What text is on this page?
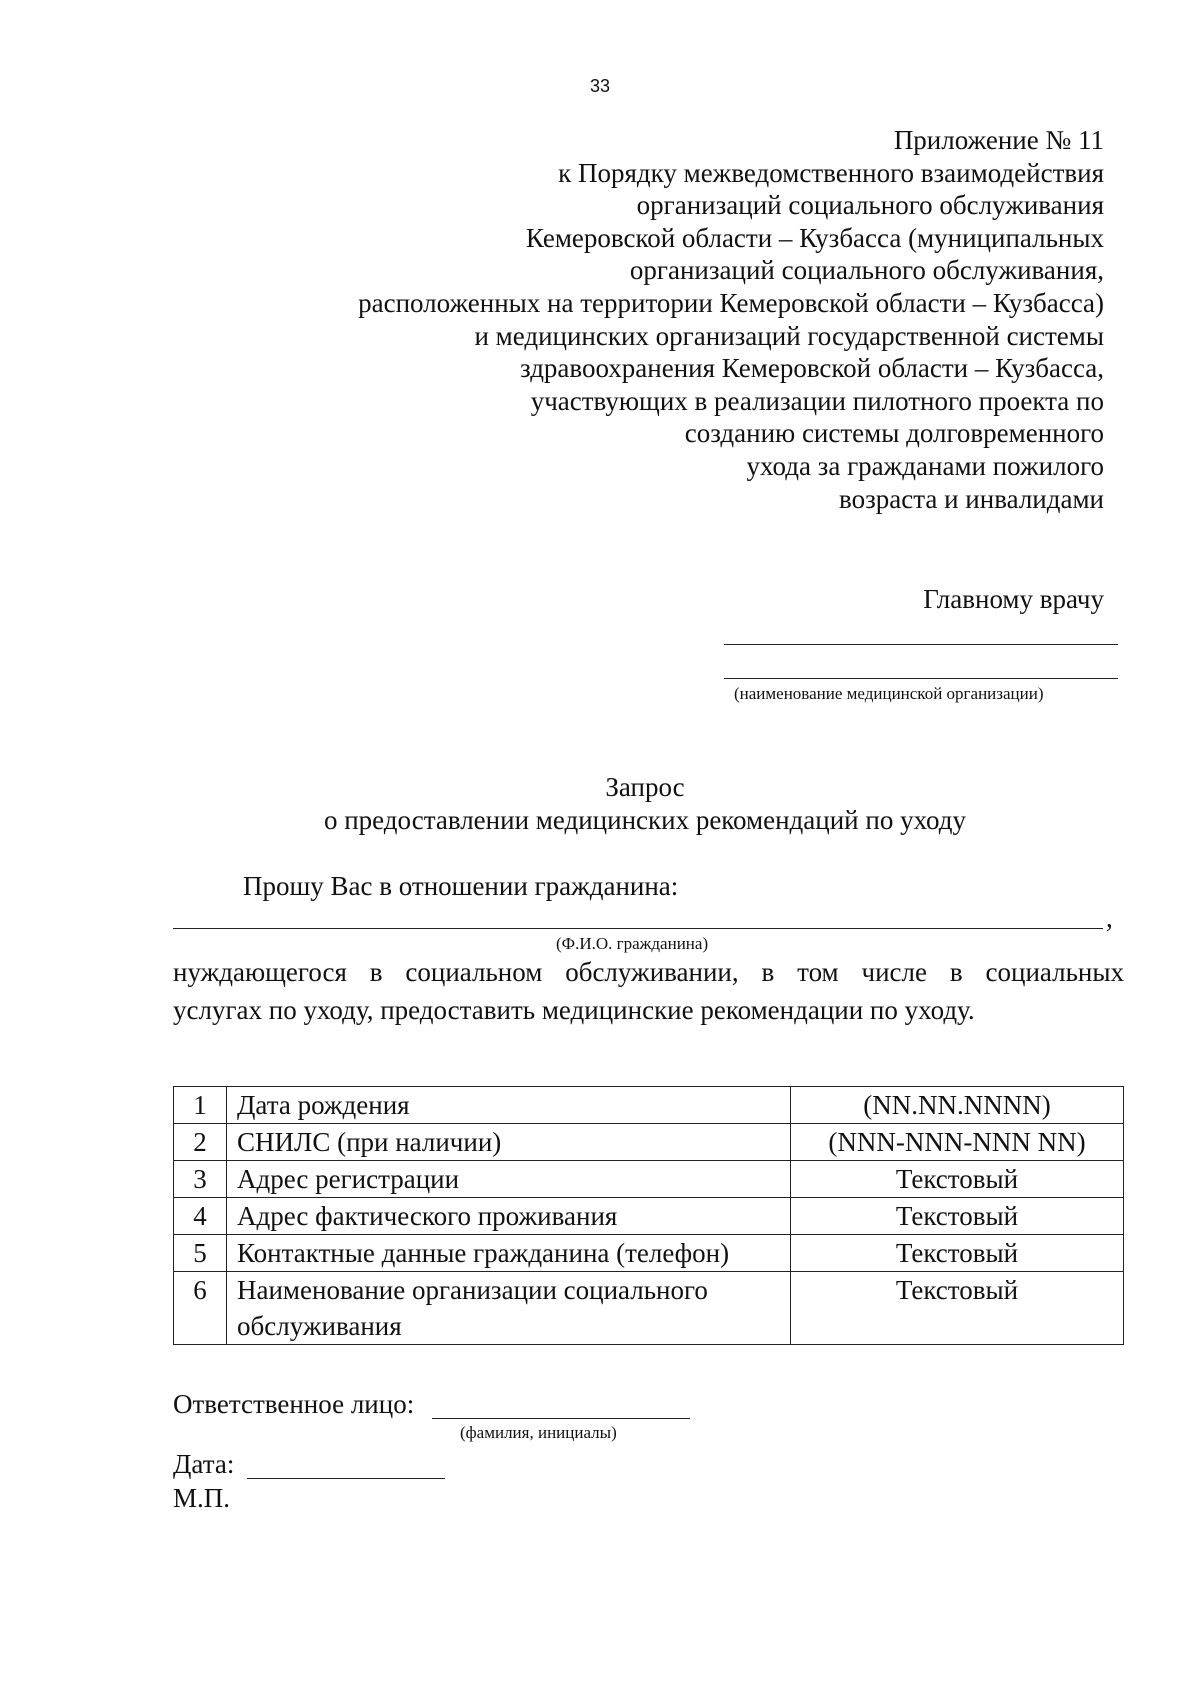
33
Приложение № 11
к Порядку межведомственного взаимодействия
организаций социального обслуживания
Кемеровской области – Кузбасса (муниципальных
организаций социального обслуживания,
расположенных на территории Кемеровской области – Кузбасса)
и медицинских организаций государственной системы
здравоохранения Кемеровской области – Кузбасса,
участвующих в реализации пилотного проекта по
созданию системы долговременного
ухода за гражданами пожилого
возраста и инвалидами
Главному врачу
(наименование медицинской организации)
Запрос
о предоставлении медицинских рекомендаций по уходу
Прошу Вас в отношении гражданина:
,
(Ф.И.О. гражданина)
нуждающегося в социальном обслуживании, в том числе в социальных
услугах по уходу, предоставить медицинские рекомендации по уходу.
1	Дата рождения	(NN.NN.NNNN)
2	СНИЛС (при наличии)	(NNN-NNN-NNN NN)
3	Адрес регистрации	Текстовый
4	Адрес фактического проживания	Текстовый
5	Контактные данные гражданина (телефон)	Текстовый
6	Наименование организации социального обслуживания	Текстовый
Ответственное лицо:
(фамилия, инициалы)
Дата:
М.П.
